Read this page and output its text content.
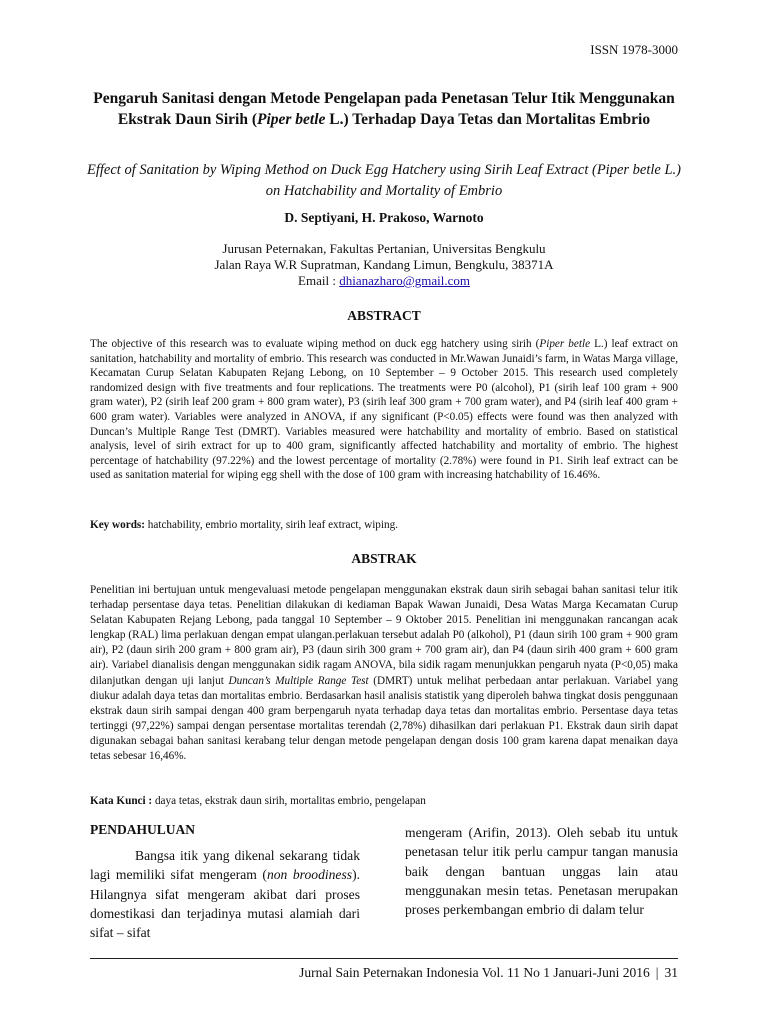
ISSN 1978-3000
Pengaruh Sanitasi dengan Metode Pengelapan pada Penetasan Telur Itik Menggunakan Ekstrak Daun Sirih (Piper betle L.) Terhadap Daya Tetas dan Mortalitas Embrio

Effect of Sanitation by Wiping Method on Duck Egg Hatchery using Sirih Leaf Extract (Piper betle L.) on Hatchability and Mortality of Embrio

D. Septiyani, H. Prakoso, Warnoto
Jurusan Peternakan, Fakultas Pertanian, Universitas Bengkulu
Jalan Raya W.R Supratman, Kandang Limun, Bengkulu, 38371A
Email : dhianazharo@gmail.com
ABSTRACT

The objective of this research was to evaluate wiping method on duck egg hatchery using sirih (Piper betle L.) leaf extract on sanitation, hatchability and mortality of embrio. This research was conducted in Mr.Wawan Junaidi’s farm, in Watas Marga village, Kecamatan Curup Selatan Kabupaten Rejang Lebong, on 10 September – 9 October 2015. This research used completely randomized design with five treatments and four replications. The treatments were P0 (alcohol), P1 (sirih leaf 100 gram + 900 gram water), P2 (sirih leaf 200 gram + 800 gram water), P3 (sirih leaf 300 gram + 700 gram water), and P4 (sirih leaf 400 gram + 600 gram water). Variables were analyzed in ANOVA, if any significant (P<0.05) effects were found was then analyzed with Duncan’s Multiple Range Test (DMRT). Variables measured were hatchability and mortality of embrio. Based on statistical analysis, level of sirih extract for up to 400 gram, significantly affected hatchability and mortality of embrio. The highest percentage of hatchability (97.22%) and the lowest percentage of mortality (2.78%) were found in P1. Sirih leaf extract can be used as sanitation material for wiping egg shell with the dose of 100 gram with increasing hatchability of 16.46%.

Key words: hatchability, embrio mortality, sirih leaf extract, wiping.

ABSTRAK

Penelitian ini bertujuan untuk mengevaluasi metode pengelapan menggunakan ekstrak daun sirih sebagai bahan sanitasi telur itik terhadap persentase daya tetas. Penelitian dilakukan di kediaman Bapak Wawan Junaidi, Desa Watas Marga Kecamatan Curup Selatan Kabupaten Rejang Lebong, pada tanggal 10 September – 9 Oktober 2015. Penelitian ini menggunakan rancangan acak lengkap (RAL) lima perlakuan dengan empat ulangan.perlakuan tersebut adalah P0 (alkohol), P1 (daun sirih 100 gram + 900 gram air), P2 (daun sirih 200 gram + 800 gram air), P3 (daun sirih 300 gram + 700 gram air), dan P4 (daun sirih 400 gram + 600 gram air). Variabel dianalisis dengan menggunakan sidik ragam ANOVA, bila sidik ragam menunjukkan pengaruh nyata (P<0,05) maka dilanjutkan dengan uji lanjut Duncan’s Multiple Range Test (DMRT) untuk melihat perbedaan antar perlakuan. Variabel yang diukur adalah daya tetas dan mortalitas embrio. Berdasarkan hasil analisis statistik yang diperoleh bahwa tingkat dosis penggunaan ekstrak daun sirih sampai dengan 400 gram berpengaruh nyata terhadap daya tetas dan mortalitas embrio. Persentase daya tetas tertinggi (97,22%) sampai dengan persentase mortalitas terendah (2,78%) dihasilkan dari perlakuan P1. Ekstrak daun sirih dapat digunakan sebagai bahan sanitasi kerabang telur dengan metode pengelapan dengan dosis 100 gram karena dapat menaikan daya tetas sebesar 16,46%.

Kata Kunci : daya tetas, ekstrak daun sirih, mortalitas embrio, pengelapan

PENDAHULUAN

Bangsa itik yang dikenal sekarang tidak lagi memiliki sifat mengeram (non broodiness). Hilangnya sifat mengeram akibat dari proses domestikasi dan terjadinya mutasi alamiah dari sifat – sifat

mengeram (Arifin, 2013). Oleh sebab itu untuk penetasan telur itik perlu campur tangan manusia baik dengan bantuan unggas lain atau menggunakan mesin tetas. Penetasan merupakan proses perkembangan embrio di dalam telur

Jurnal Sain Peternakan Indonesia Vol. 11 No 1 Januari-Juni 2016 | 31
